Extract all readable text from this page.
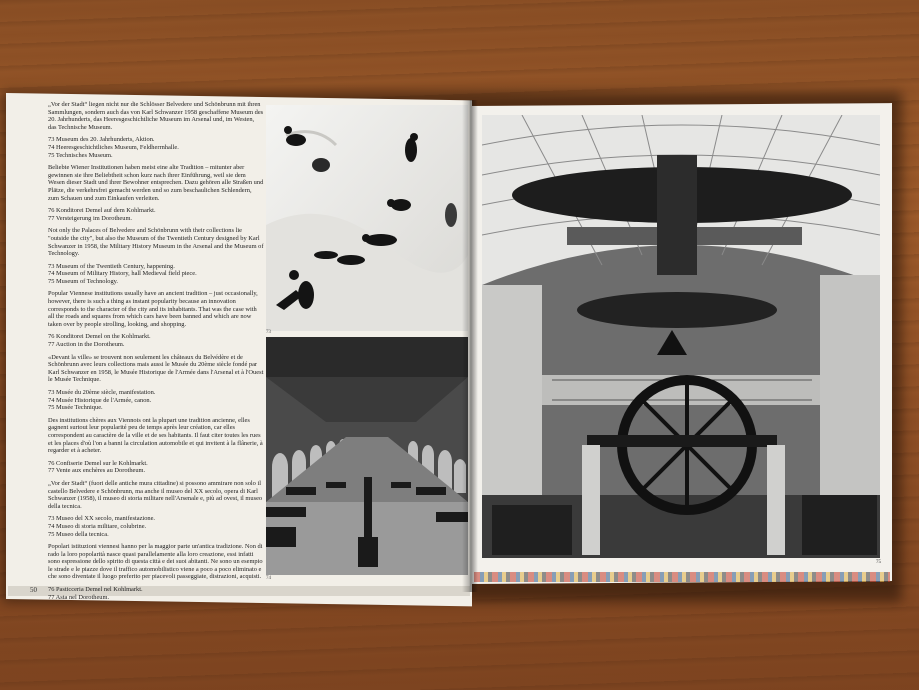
„Vor der Stadt“ liegen nicht nur die Schlösser Belvedere und Schönbrunn mit ihren Sammlungen, sondern auch das von Karl Schwanzer 1958 geschaffene Museum des 20. Jahrhunderts, das Heeresgeschichtliche Museum im Arsenal und, im Westen, das Technische Museum.

73 Museum des 20. Jahrhunderts, Aktion.
74 Heeresgeschichtliches Museum, Feldherrnhalle.
75 Technisches Museum.

Beliebte Wiener Institutionen haben meist eine alte Tradition – mitunter aber gewinnen sie ihre Beliebtheit schon kurz nach ihrer Einführung, weil sie dem Wesen dieser Stadt und ihrer Bewohner entsprechen. Dazu gehören alle Straßen und Plätze, die verkehrsfrei gemacht werden und so zum beschaulichen Schlendern, zum Schauen und zum Einkaufen verleiten.

76 Konditorei Demel auf dem Kohlmarkt.
77 Versteigerung im Dorotheum.

Not only the Palaces of Belvedere and Schönbrunn with their collections lie "outside the city", but also the Museum of the Twentieth Century designed by Karl Schwanzer in 1958, the Military History Museum in the Arsenal and the Museum of Technology.

73 Museum of the Twentieth Century, happening.
74 Museum of Military History, hall Medieval field piece.
75 Museum of Technology.

Popular Viennese institutions usually have an ancient tradition – just occasionally, however, there is such a thing as instant popularity because an innovation corresponds to the character of the city and its inhabitants. That was the case with all the roads and squares from which cars have been banned and which are now taken over by people strolling, looking, and shopping.

76 Konditorei Demel on the Kohlmarkt.
77 Auction in the Dorotheum.

«Devant la ville» se trouvent non seulement les châteaux du Belvédère et de Schönbrunn avec leurs collections mais aussi le Musée du 20ème siècle fondé par Karl Schwanzer en 1958, le Musée Historique de l'Armée dans l'Arsenal et à l'Ouest le Musée Technique.

73 Musée du 20ème siècle, manifestation.
74 Musée Historique de l'Armée, canon.
75 Musée Technique.

Des institutions chères aux Viennois ont la plupart une tradition ancienne, elles gagnent surtout leur popularité peu de temps après leur création, car elles correspondent au caractère de la ville et de ses habitants. Il faut citer toutes les rues et les places d'où l'on a banni la circulation automobile et qui invitent à la flânerie, à regarder et à acheter.

76 Confiserie Demel sur le Kohlmarkt.
77 Vente aux enchères au Dorotheum.

„Vor der Stadt“ (fuori delle antiche mura cittadine) si possono ammirare non solo il castello Belvedere e Schönbrunn, ma anche il museo del XX secolo, opera di Karl Schwanzer (1958), il museo di storia militare nell'Arsenale e, più ad ovest, il museo della tecnica.

73 Museo del XX secolo, manifestazione.
74 Museo di storia militare, colubrine.
75 Museo della tecnica.

Popolari istituzioni viennesi hanno per la maggior parte un'antica tradizione. Non di rado la loro popolarità nasce quasi parallelamente alla loro creazione, essi infatti sono espressione dello spirito di questa città e dei suoi abitanti. Ne sono un esempio le strade e le piazze dove il traffico automobilistico viene a poco a poco eliminato e che sono diventate il luogo preferito per piacevoli passeggiate, distrazioni, acquisti.

76 Pasticceria Demel nel Kohlmarkt.
77 Asta nel Dorotheum.
73
74
50
75
